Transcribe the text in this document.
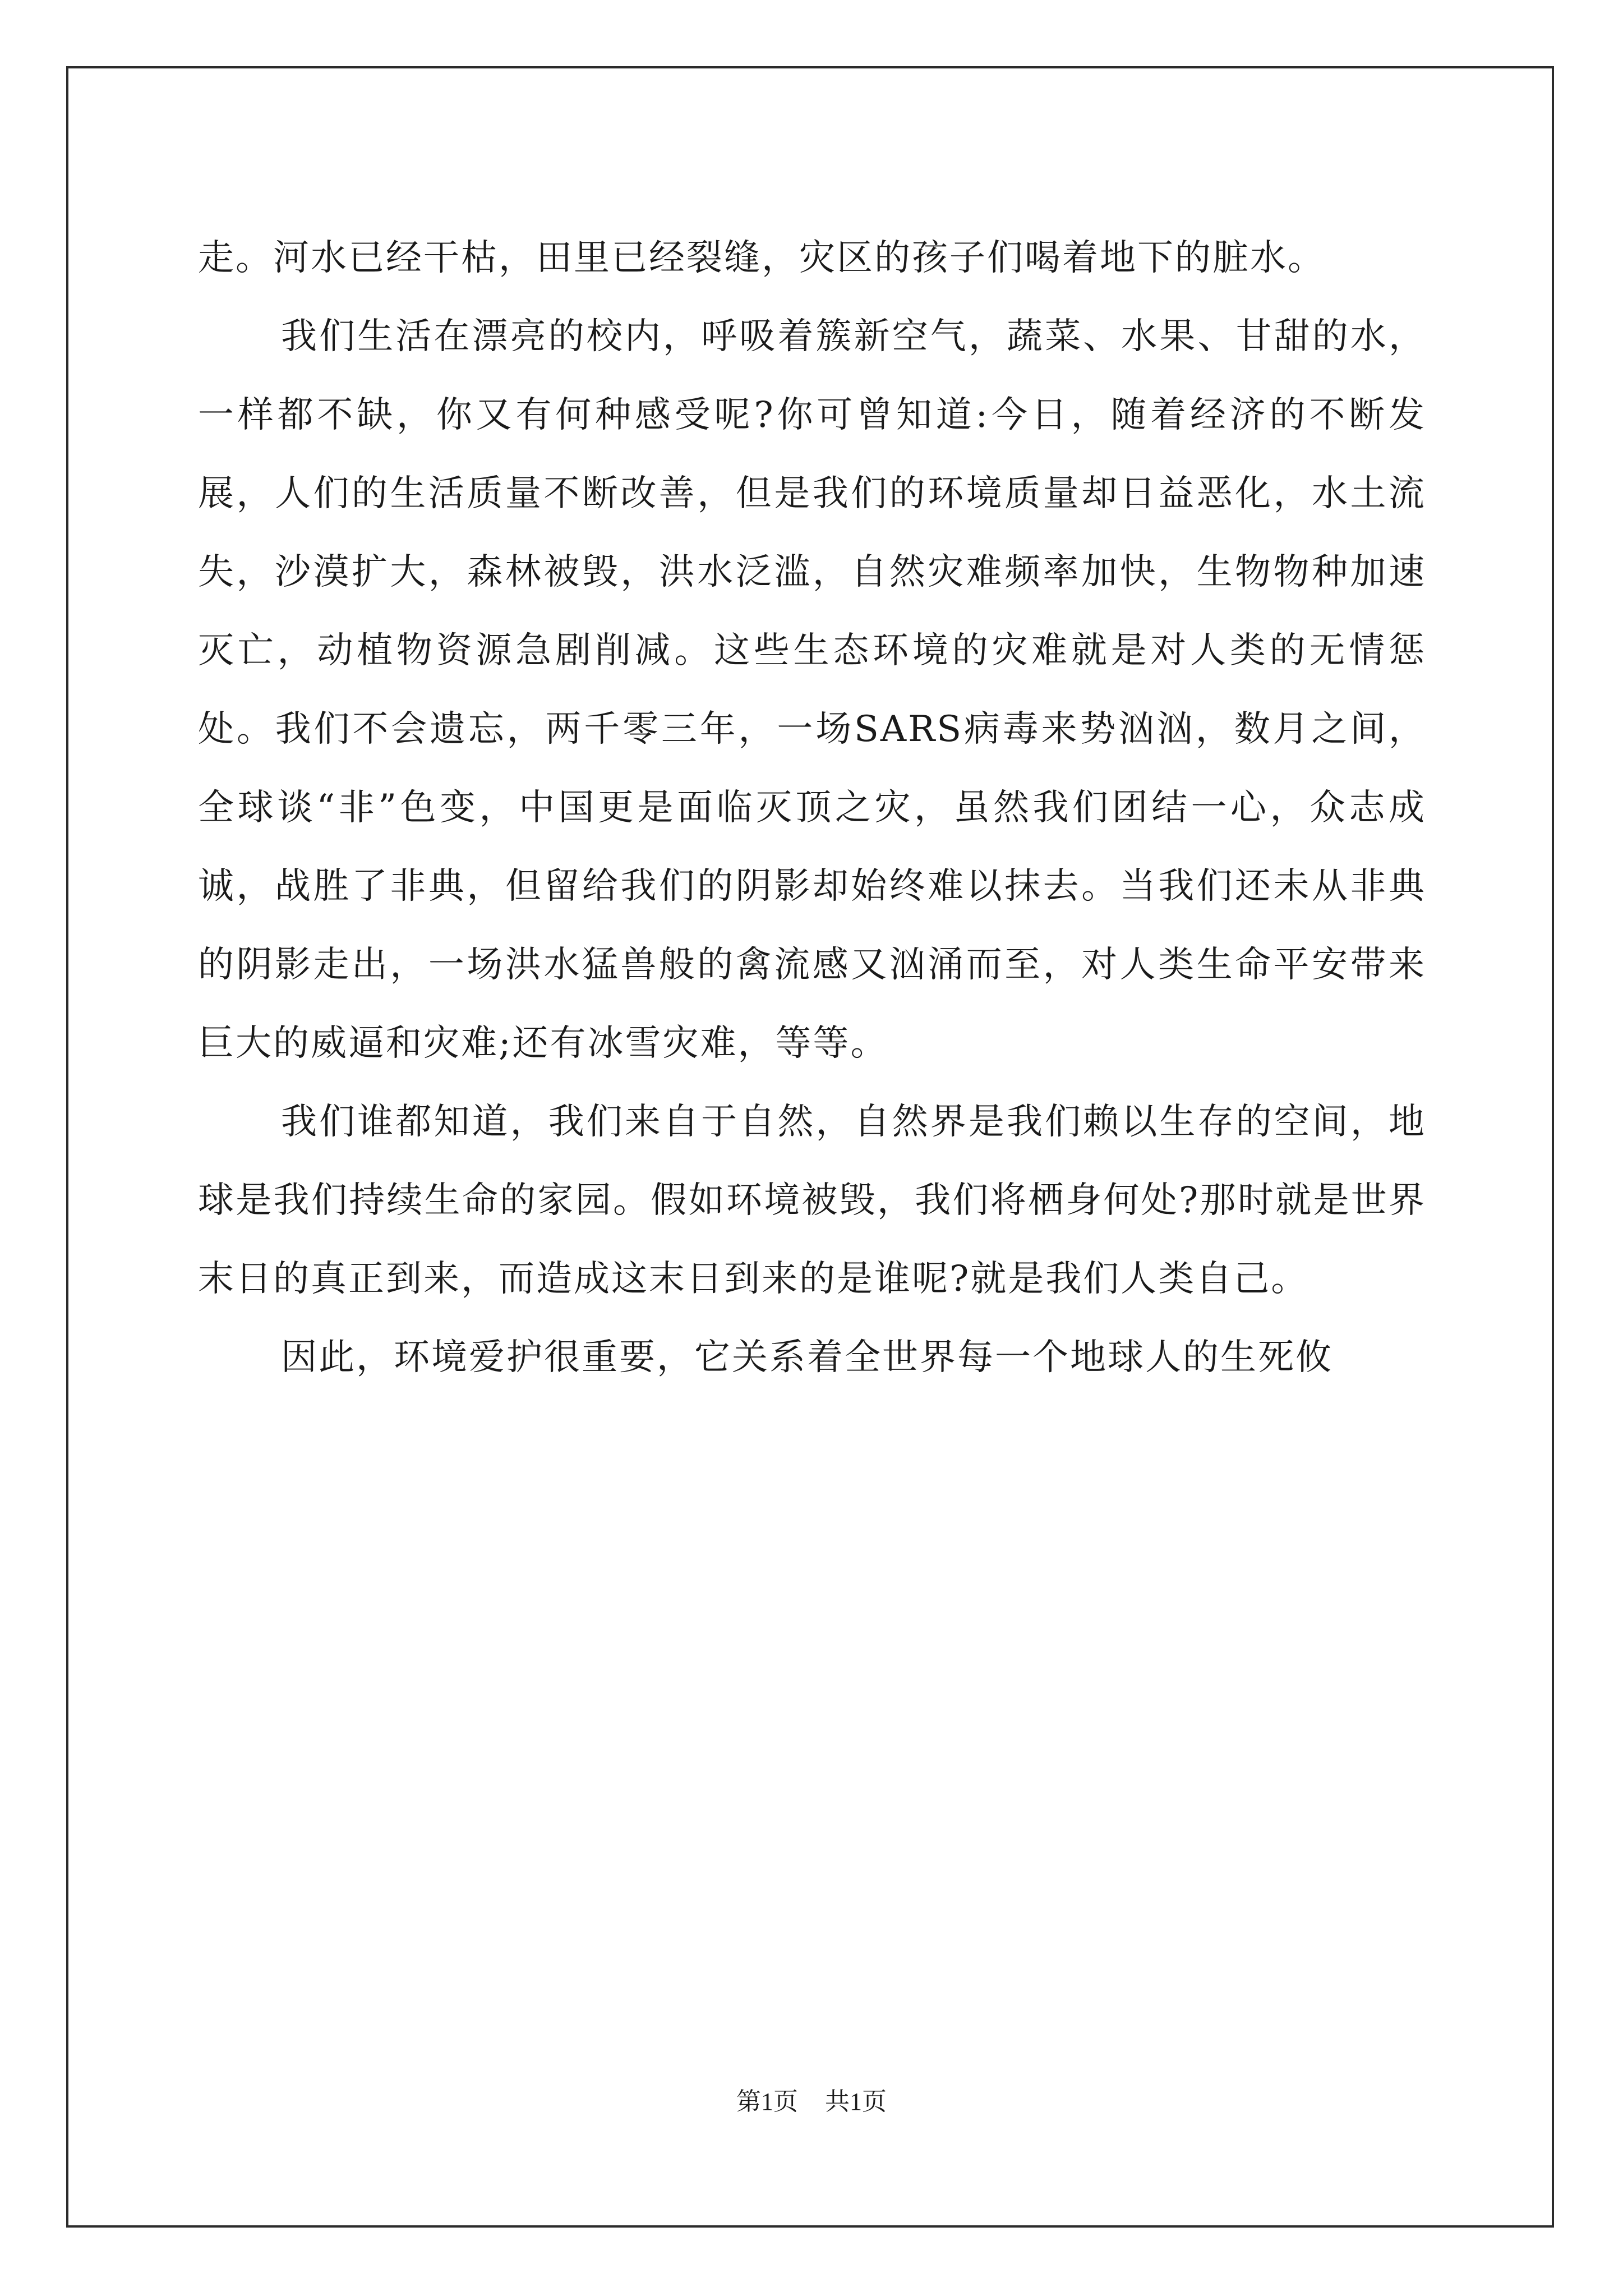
走。河水已经干枯，田里已经裂缝，灾区的孩子们喝着地下的脏水。

我们生活在漂亮的校内，呼吸着簇新空气，蔬菜、水果、甘甜的水，一样都不缺，你又有何种感受呢?你可曾知道:今日，随着经济的不断发展，人们的生活质量不断改善，但是我们的环境质量却日益恶化，水土流失，沙漠扩大，森林被毁，洪水泛滥，自然灾难频率加快，生物物种加速灭亡，动植物资源急剧削减。这些生态环境的灾难就是对人类的无情惩处。我们不会遗忘，两千零三年，一场SARS病毒来势汹汹，数月之间，全球谈“非”色变，中国更是面临灭顶之灾，虽然我们团结一心，众志成诚，战胜了非典，但留给我们的阴影却始终难以抹去。当我们还未从非典的阴影走出，一场洪水猛兽般的禽流感又汹涌而至，对人类生命平安带来巨大的威逼和灾难;还有冰雪灾难，等等。

我们谁都知道，我们来自于自然，自然界是我们赖以生存的空间，地球是我们持续生命的家园。假如环境被毁，我们将栖身何处?那时就是世界末日的真正到来，而造成这末日到来的是谁呢?就是我们人类自己。

因此，环境爱护很重要，它关系着全世界每一个地球人的生死攸

第1页 共1页
